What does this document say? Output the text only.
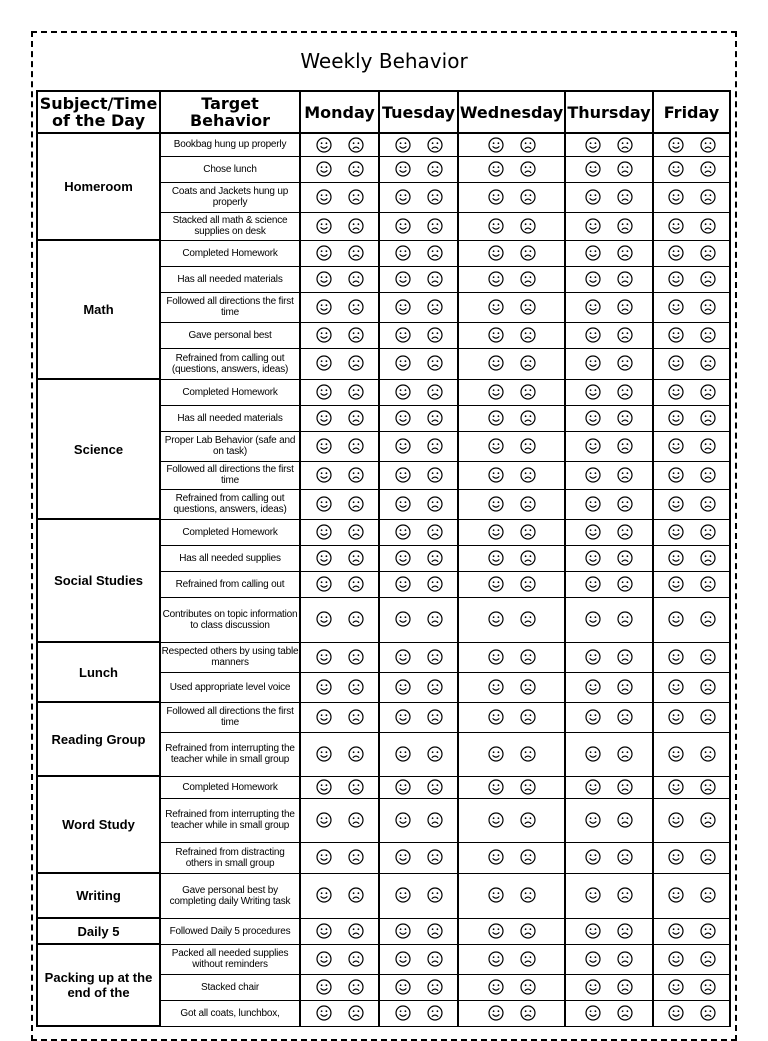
Weekly Behavior
Subject/Time of the Day	Target Behavior	Monday	Tuesday	Wednesday	Thursday	Friday
Homeroom	Bookbag hung up properly	

	Chose lunch	

	Coats and Jackets hung up properly	

	Stacked all math & science supplies on desk	

Math	Completed Homework	

	Has all needed materials	

	Followed all directions the first time	

	Gave personal best	

	Refrained from calling out (questions, answers, ideas)	

Science	Completed Homework	

	Has all needed materials	

	Proper Lab Behavior (safe and on task)	

	Followed all directions the first time	

	Refrained from calling out questions, answers, ideas)	

Social Studies	Completed Homework	

	Has all needed supplies	

	Refrained from calling out	

	Contributes on topic information to class discussion	

Lunch	Respected others by using table manners	

	Used appropriate level voice	

Reading Group	Followed all directions the first time	

	Refrained from interrupting the teacher while in small group	

Word Study	Completed Homework	

	Refrained from interrupting the teacher while in small group	

	Refrained from distracting others in small group	

Writing	Gave personal best by completing daily Writing task	

Daily 5	Followed Daily 5 procedures	

Packing up at the end of the	Packed all needed supplies without reminders	

	Stacked chair	

	Got all coats, lunchbox,	
